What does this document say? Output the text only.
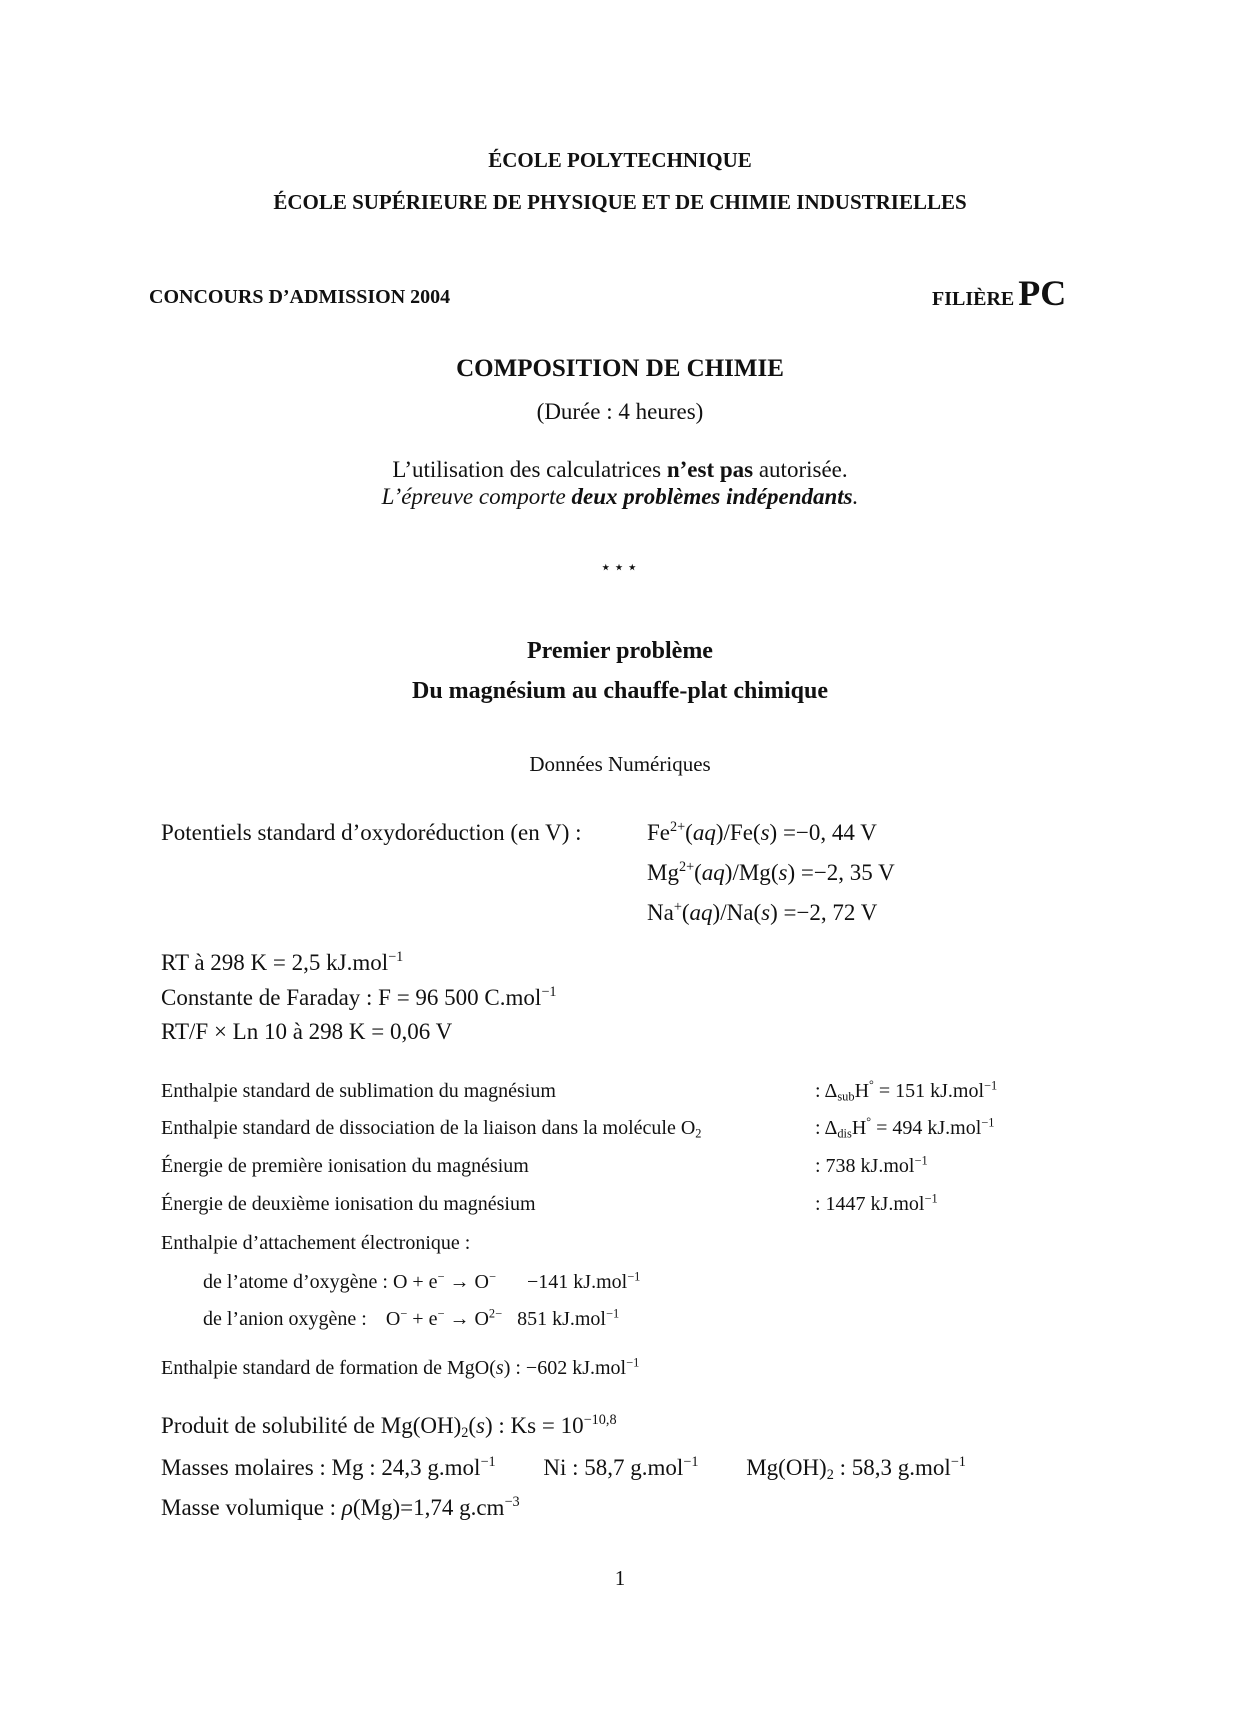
ÉCOLE POLYTECHNIQUE
ÉCOLE SUPÉRIEURE DE PHYSIQUE ET DE CHIMIE INDUSTRIELLES
CONCOURS D’ADMISSION 2004	FILIÈRE PC
COMPOSITION DE CHIMIE
(Durée : 4 heures)
L’utilisation des calculatrices n’est pas autorisée.
L’épreuve comporte deux problèmes indépendants.
⋆⋆⋆
Premier problème
Du magnésium au chauffe-plat chimique
Données Numériques
Potentiels standard d’oxydoréduction (en V) :	$Fe^{2+}(aq)/Fe(s) =-0$, 44 V
$Mg^{2+}(aq)/Mg(s) =-2$, 35 V
Na+(aq)/Na(s) =−2, 72 V
RT à 298 K = 2,5 kJ.mol$^{-1}$
Constante de Faraday : F = 96 500 C.mol$^{-1}$
RT/F × Ln 10 à 298 K = 0,06 V
Enthalpie standard de sublimation du magnésium	: $\Delta_{sub}H^\circ = 151$ kJ.mol$^{-1}$
Enthalpie standard de dissociation de la liaison dans la molécule $O_2$	: $\Delta_{dis}H^\circ = 494$ kJ.mol$^{-1}$
Énergie de première ionisation du magnésium	: 738 kJ.mol$^{-1}$
Énergie de deuxième ionisation du magnésium	: 1447 kJ.mol$^{-1}$
Enthalpie d’attachement électronique :
de l’atome d’oxygène : O + e− → O− −141 kJ.mol$^{-1}$
de l’anion oxygène : $O^- + e^- \to O^{2-}$ 851 kJ.mol$^{-1}$
Enthalpie standard de formation de MgO(s) : −602 kJ.mol$^{-1}$
Produit de solubilité de $Mg(OH)_2(s)$ : $Ks = 10^{-10,8}$
Masses molaires : Mg : 24,3 g.mol$^{-1}$ Ni : 58,7 g.mol$^{-1}$ $Mg(OH)_2$ : 58,3 g.mol$^{-1}$
Masse volumique : ρ(Mg)=1,74 $g.cm^{-3}$
1
